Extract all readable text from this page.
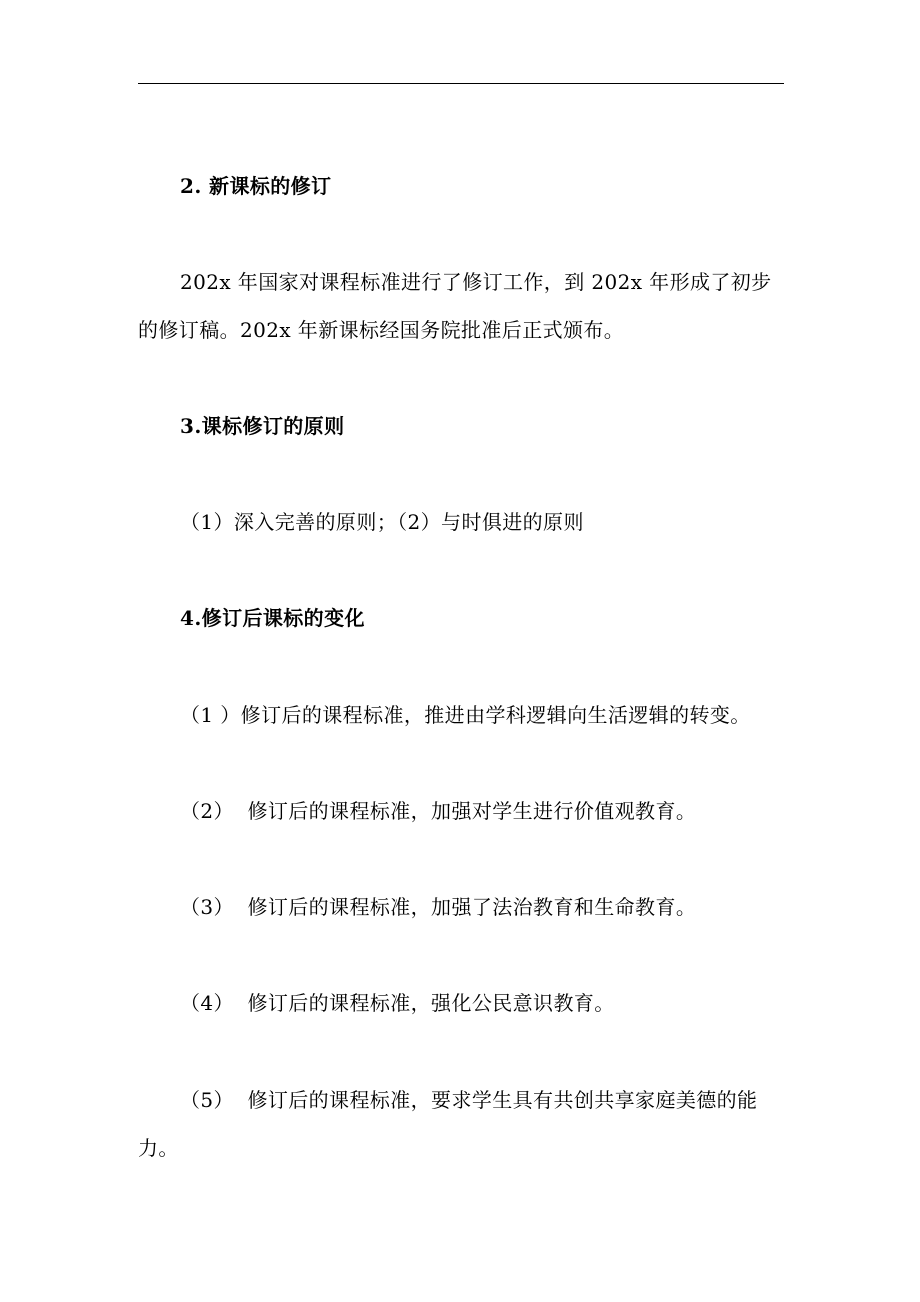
2. 新课标的修订
202x 年国家对课程标准进行了修订工作，到 202x 年形成了初步
的修订稿。202x 年新课标经国务院批准后正式颁布。
3.课标修订的原则
（1）深入完善的原则；（2）与时俱进的原则
4.修订后课标的变化
（1 ）修订后的课程标准，推进由学科逻辑向生活逻辑的转变。
（2）  修订后的课程标准，加强对学生进行价值观教育。
（3）  修订后的课程标准，加强了法治教育和生命教育。
（4）  修订后的课程标准，强化公民意识教育。
（5）  修订后的课程标准，要求学生具有共创共享家庭美德的能
力。
